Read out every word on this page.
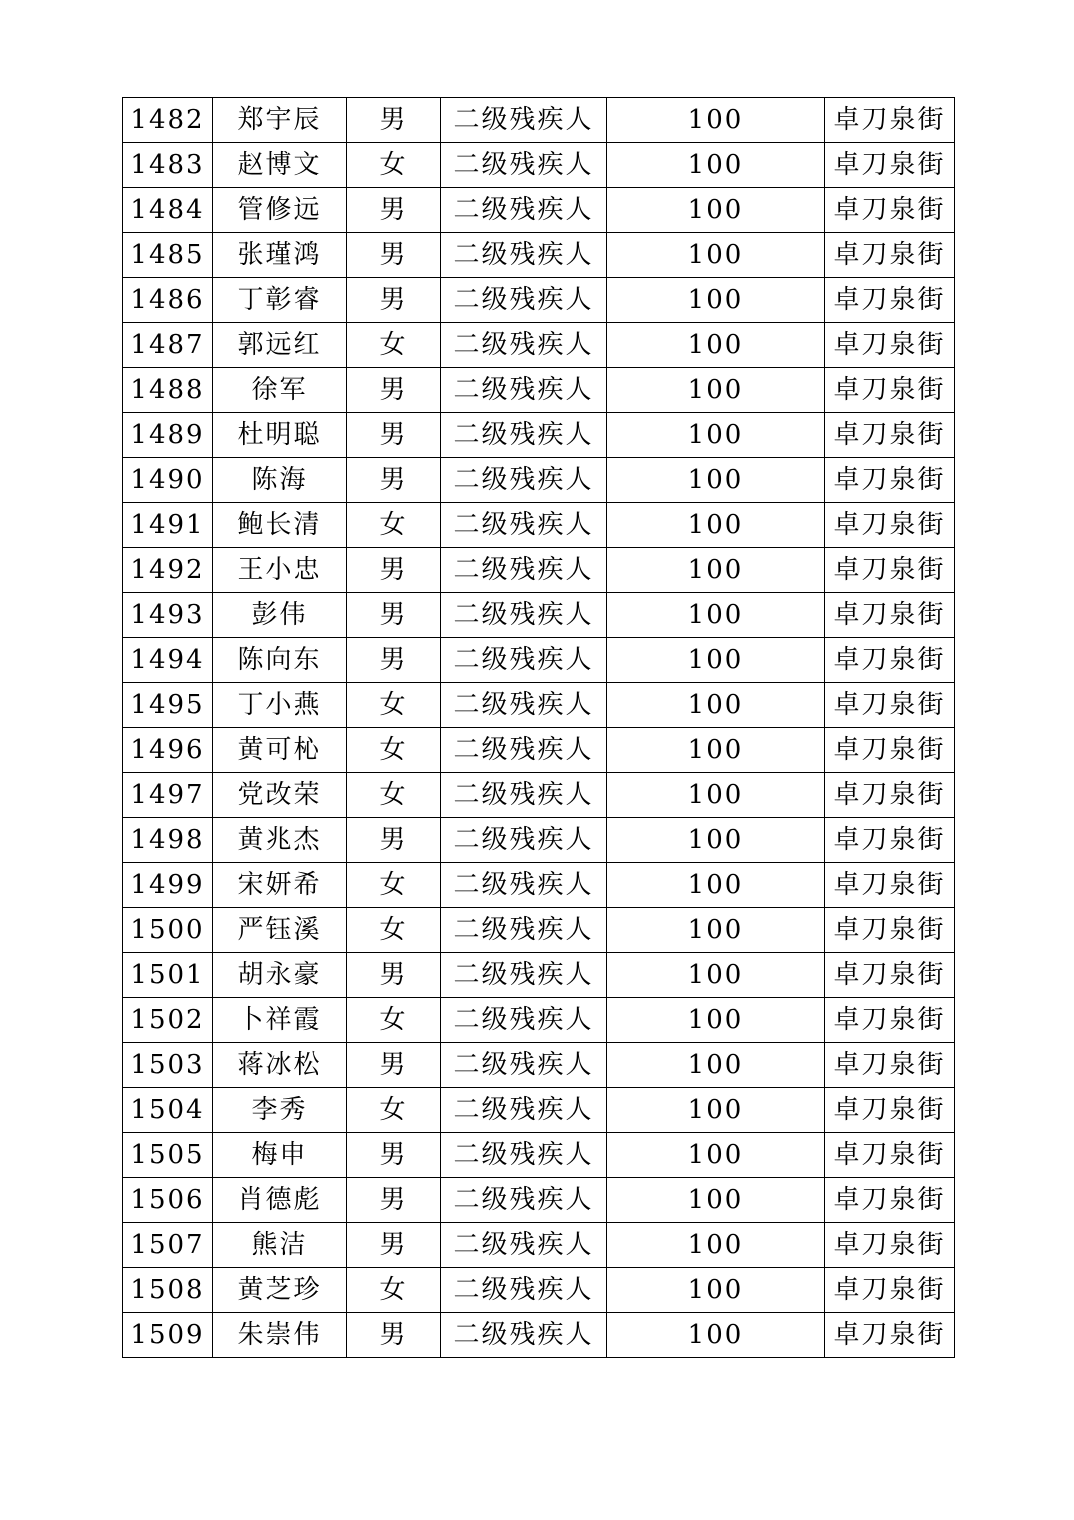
1482	郑宇辰	男	二级残疾人	100	卓刀泉街
1483	赵博文	女	二级残疾人	100	卓刀泉街
1484	管修远	男	二级残疾人	100	卓刀泉街
1485	张瑾鸿	男	二级残疾人	100	卓刀泉街
1486	丁彰睿	男	二级残疾人	100	卓刀泉街
1487	郭远红	女	二级残疾人	100	卓刀泉街
1488	徐军	男	二级残疾人	100	卓刀泉街
1489	杜明聪	男	二级残疾人	100	卓刀泉街
1490	陈海	男	二级残疾人	100	卓刀泉街
1491	鲍长清	女	二级残疾人	100	卓刀泉街
1492	王小忠	男	二级残疾人	100	卓刀泉街
1493	彭伟	男	二级残疾人	100	卓刀泉街
1494	陈向东	男	二级残疾人	100	卓刀泉街
1495	丁小燕	女	二级残疾人	100	卓刀泉街
1496	黄可杺	女	二级残疾人	100	卓刀泉街
1497	党改荣	女	二级残疾人	100	卓刀泉街
1498	黄兆杰	男	二级残疾人	100	卓刀泉街
1499	宋妍希	女	二级残疾人	100	卓刀泉街
1500	严钰溪	女	二级残疾人	100	卓刀泉街
1501	胡永豪	男	二级残疾人	100	卓刀泉街
1502	卜祥霞	女	二级残疾人	100	卓刀泉街
1503	蒋冰松	男	二级残疾人	100	卓刀泉街
1504	李秀	女	二级残疾人	100	卓刀泉街
1505	梅申	男	二级残疾人	100	卓刀泉街
1506	肖德彪	男	二级残疾人	100	卓刀泉街
1507	熊洁	男	二级残疾人	100	卓刀泉街
1508	黄芝珍	女	二级残疾人	100	卓刀泉街
1509	朱崇伟	男	二级残疾人	100	卓刀泉街
